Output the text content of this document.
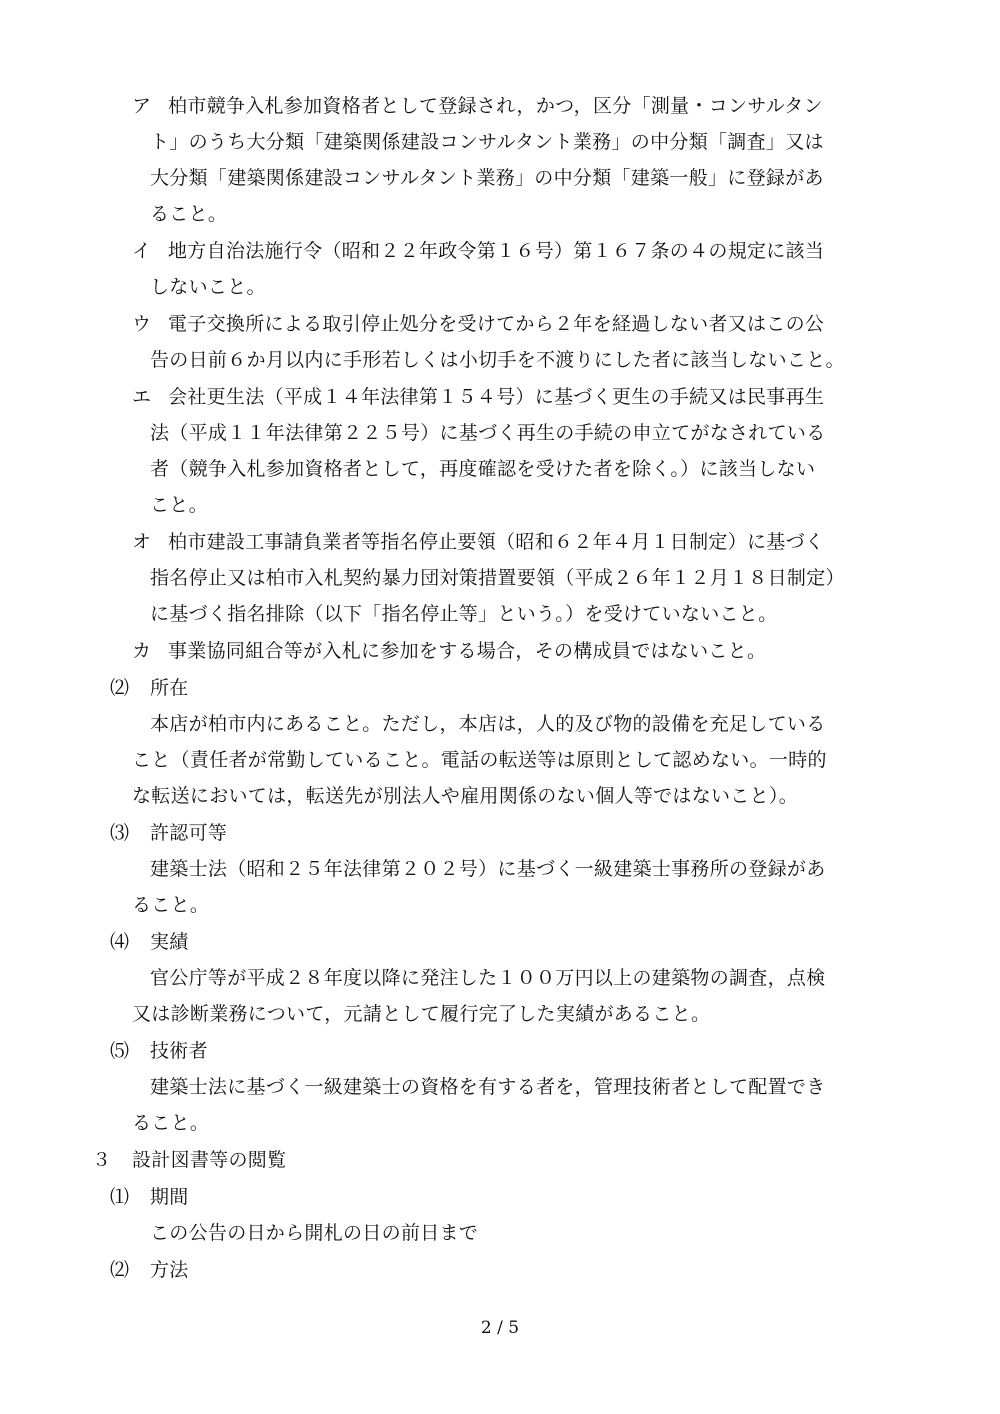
ア 柏市競争入札参加資格者として登録され，かつ，区分「測量・コンサルタン
ト」のうち大分類「建築関係建設コンサルタント業務」の中分類「調査」又は
大分類「建築関係建設コンサルタント業務」の中分類「建築一般」に登録があ
ること。
イ 地方自治法施行令（昭和２２年政令第１６号）第１６７条の４の規定に該当
しないこと。
ウ 電子交換所による取引停止処分を受けてから２年を経過しない者又はこの公
告の日前６か月以内に手形若しくは小切手を不渡りにした者に該当しないこと。
エ 会社更生法（平成１４年法律第１５４号）に基づく更生の手続又は民事再生
法（平成１１年法律第２２５号）に基づく再生の手続の申立てがなされている
者（競争入札参加資格者として，再度確認を受けた者を除く。）に該当しない
こと。
オ 柏市建設工事請負業者等指名停止要領（昭和６２年４月１日制定）に基づく
指名停止又は柏市入札契約暴力団対策措置要領（平成２６年１２月１８日制定）
に基づく指名排除（以下「指名停止等」という。）を受けていないこと。
カ 事業協同組合等が入札に参加をする場合，その構成員ではないこと。
⑵ 所在
本店が柏市内にあること。ただし，本店は，人的及び物的設備を充足している
こと（責任者が常勤していること。電話の転送等は原則として認めない。一時的
な転送においては，転送先が別法人や雇用関係のない個人等ではないこと）。
⑶ 許認可等
建築士法（昭和２５年法律第２０２号）に基づく一級建築士事務所の登録があ
ること。
⑷ 実績
官公庁等が平成２８年度以降に発注した１００万円以上の建築物の調査，点検
又は診断業務について，元請として履行完了した実績があること。
⑸ 技術者
建築士法に基づく一級建築士の資格を有する者を，管理技術者として配置でき
ること。
３ 設計図書等の閲覧
⑴ 期間
この公告の日から開札の日の前日まで
⑵ 方法
2 / 5
